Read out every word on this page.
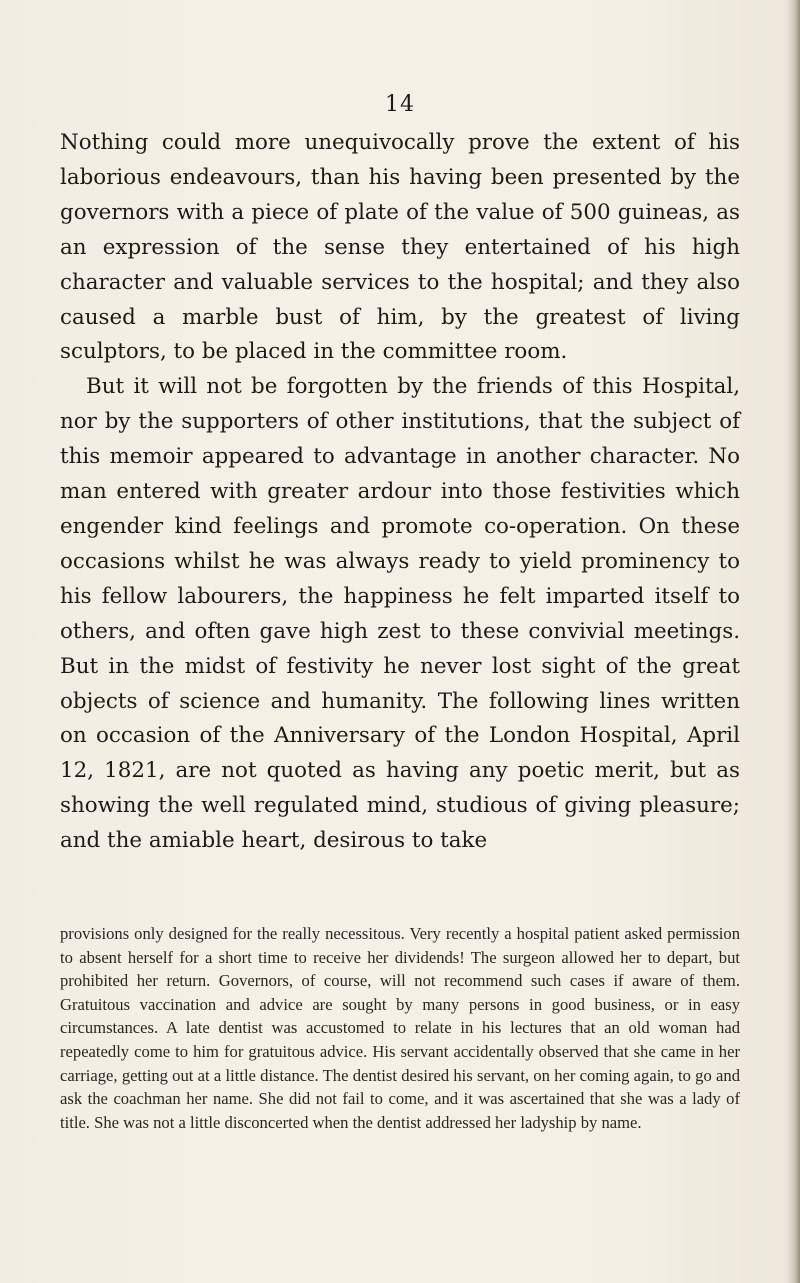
14

Nothing could more unequivocally prove the extent of his laborious endeavours, than his having been presented by the governors with a piece of plate of the value of 500 guineas, as an expression of the sense they entertained of his high character and valuable services to the hospital; and they also caused a marble bust of him, by the greatest of living sculptors, to be placed in the committee room.

But it will not be forgotten by the friends of this Hospital, nor by the supporters of other institutions, that the subject of this memoir appeared to advantage in another character. No man entered with greater ardour into those festivities which engender kind feelings and promote co-operation. On these occasions whilst he was always ready to yield prominency to his fellow labourers, the happiness he felt imparted itself to others, and often gave high zest to these convivial meetings. But in the midst of festivity he never lost sight of the great objects of science and humanity. The following lines written on occasion of the Anniversary of the London Hospital, April 12, 1821, are not quoted as having any poetic merit, but as showing the well regulated mind, studious of giving pleasure; and the amiable heart, desirous to take

provisions only designed for the really necessitous. Very recently a hospital patient asked permission to absent herself for a short time to receive her dividends! The surgeon allowed her to depart, but prohibited her return. Governors, of course, will not recommend such cases if aware of them. Gratuitous vaccination and advice are sought by many persons in good business, or in easy circumstances. A late dentist was accustomed to relate in his lectures that an old woman had repeatedly come to him for gratuitous advice. His servant accidentally observed that she came in her carriage, getting out at a little distance. The dentist desired his servant, on her coming again, to go and ask the coachman her name. She did not fail to come, and it was ascertained that she was a lady of title. She was not a little disconcerted when the dentist addressed her ladyship by name.
